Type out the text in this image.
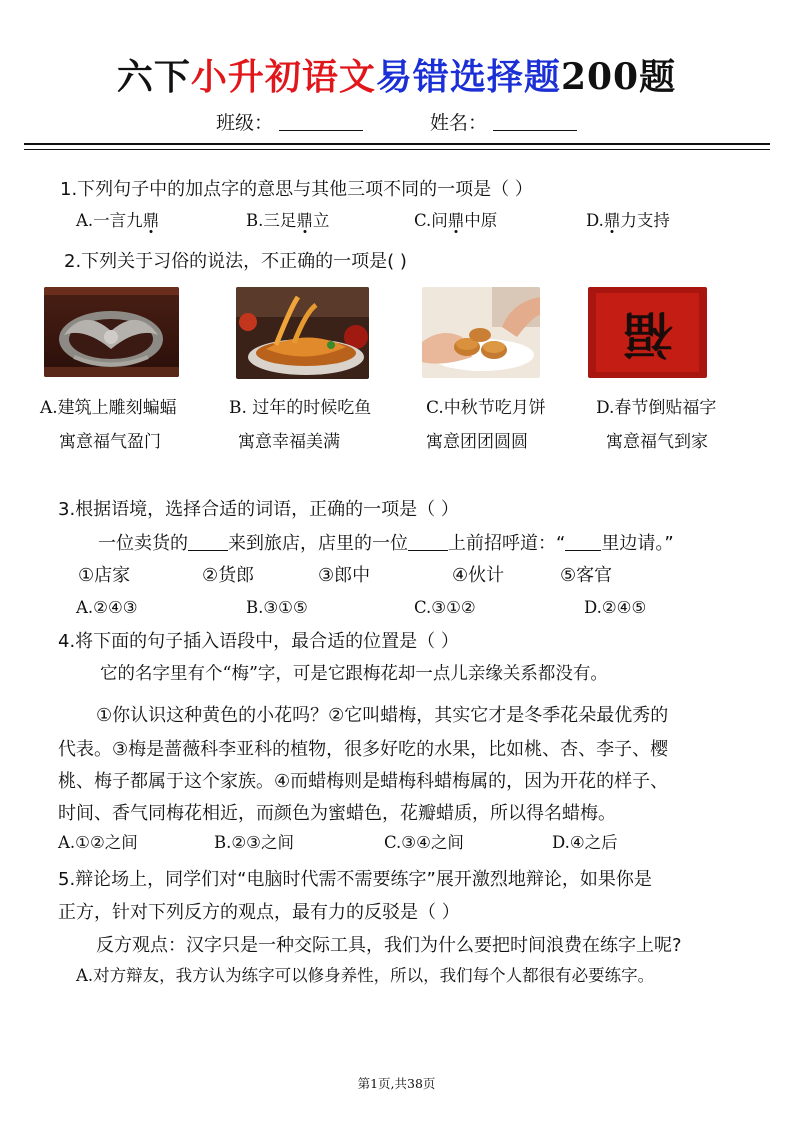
六下小升初语文易错选择题200题
班级：	姓名：
1.下列句子中的加点字的意思与其他三项不同的一项是（ ）
A.一言九鼎	B.三足鼎立	C.问鼎中原	D.鼎力支持
2.下列关于习俗的说法，不正确的一项是( )
福
A.建筑上雕刻蝙蝠
寓意福气盈门
B. 过年的时候吃鱼
寓意幸福美满
C.中秋节吃月饼
寓意团团圆圆
D.春节倒贴福字
寓意福气到家
3.根据语境，选择合适的词语，正确的一项是（ ）
一位卖货的 来到旅店，店里的一位 上前招呼道：“ 里边请。”
①店家	②货郎	③郎中	④伙计	⑤客官
A.②④③	B.③①⑤	C.③①②	D.②④⑤
4.将下面的句子插入语段中，最合适的位置是（ ）
它的名字里有个“梅”字，可是它跟梅花却一点儿亲缘关系都没有。
①你认识这种黄色的小花吗？②它叫蜡梅，其实它才是冬季花朵最优秀的
代表。③梅是蔷薇科李亚科的植物，很多好吃的水果，比如桃、杏、李子、樱
桃、梅子都属于这个家族。④而蜡梅则是蜡梅科蜡梅属的，因为开花的样子、
时间、香气同梅花相近，而颜色为蜜蜡色，花瓣蜡质，所以得名蜡梅。
A.①②之间	B.②③之间	C.③④之间	D.④之后
5.辩论场上，同学们对“电脑时代需不需要练字”展开激烈地辩论，如果你是
正方，针对下列反方的观点，最有力的反驳是（ ）
反方观点：汉字只是一种交际工具，我们为什么要把时间浪费在练字上呢?
A.对方辩友，我方认为练字可以修身养性，所以，我们每个人都很有必要练字。
第1页,共38页
